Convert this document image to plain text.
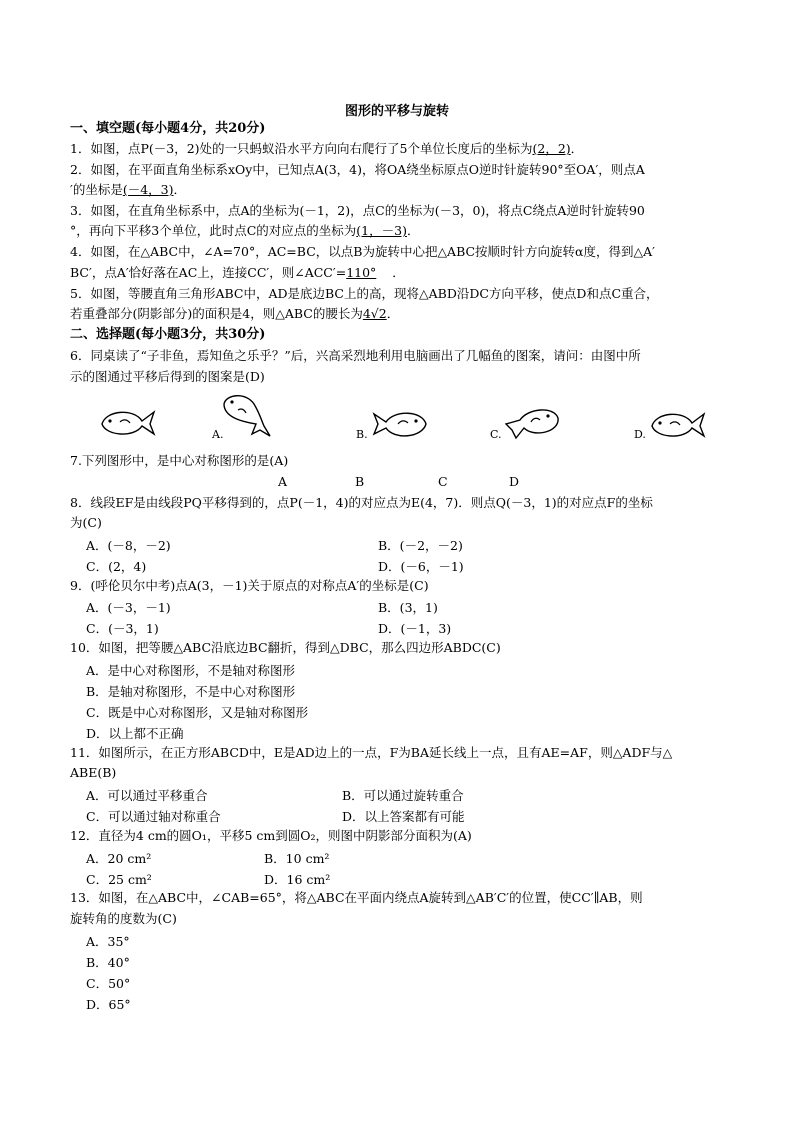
图形的平移与旋转
一、填空题(每小题4分，共20分)
1．如图，点P(－3，2)处的一只蚂蚁沿水平方向向右爬行了5个单位长度后的坐标为(2，2)．
2．如图，在平面直角坐标系xOy中，已知点A(3，4)，将OA绕坐标原点O逆时针旋转90°至OA′，则点A
′的坐标是(－4，3)．
3．如图，在直角坐标系中，点A的坐标为(－1，2)，点C的坐标为(－3，0)，将点C绕点A逆时针旋转90
°，再向下平移3个单位，此时点C的对应点的坐标为(1，－3)．
4．如图，在△ABC中，∠A=70°，AC=BC，以点B为旋转中心把△ABC按顺时针方向旋转α度，得到△A′
BC′，点A′恰好落在AC上，连接CC′，则∠ACC′=110° ．
5．如图，等腰直角三角形ABC中，AD是底边BC上的高，现将△ABD沿DC方向平移，使点D和点C重合，
若重叠部分(阴影部分)的面积是4，则△ABC的腰长为4√2．
二、选择题(每小题3分，共30分)
6．同桌读了“子非鱼，焉知鱼之乐乎？”后，兴高采烈地利用电脑画出了几幅鱼的图案，请问：由图中所
示的图通过平移后得到的图案是(D)
A.	B.	C.	D.
7.下列图形中，是中心对称图形的是(A)
A	B	C	D
8．线段EF是由线段PQ平移得到的，点P(－1，4)的对应点为E(4，7)．则点Q(－3，1)的对应点F的坐标
为(C)
A．(－8，－2)	B．(－2，－2)
C．(2，4)	D．(－6，－1)
9．(呼伦贝尔中考)点A(3，－1)关于原点的对称点A′的坐标是(C)
A．(－3，－1)	B．(3，1)
C．(－3，1)	D．(－1，3)
10．如图，把等腰△ABC沿底边BC翻折，得到△DBC，那么四边形ABDC(C)
A．是中心对称图形，不是轴对称图形
B．是轴对称图形，不是中心对称图形
C．既是中心对称图形，又是轴对称图形
D．以上都不正确
11．如图所示，在正方形ABCD中，E是AD边上的一点，F为BA延长线上一点，且有AE=AF，则△ADF与△
ABE(B)
A．可以通过平移重合	B．可以通过旋转重合
C．可以通过轴对称重合	D．以上答案都有可能
12．直径为4 cm的圆O₁，平移5 cm到圆O₂，则图中阴影部分面积为(A)
A．20 cm²	B．10 cm²
C．25 cm²	D．16 cm²
13．如图，在△ABC中，∠CAB=65°，将△ABC在平面内绕点A旋转到△AB′C′的位置，使CC′∥AB，则
旋转角的度数为(C)
A．35°
B．40°
C．50°
D．65°
